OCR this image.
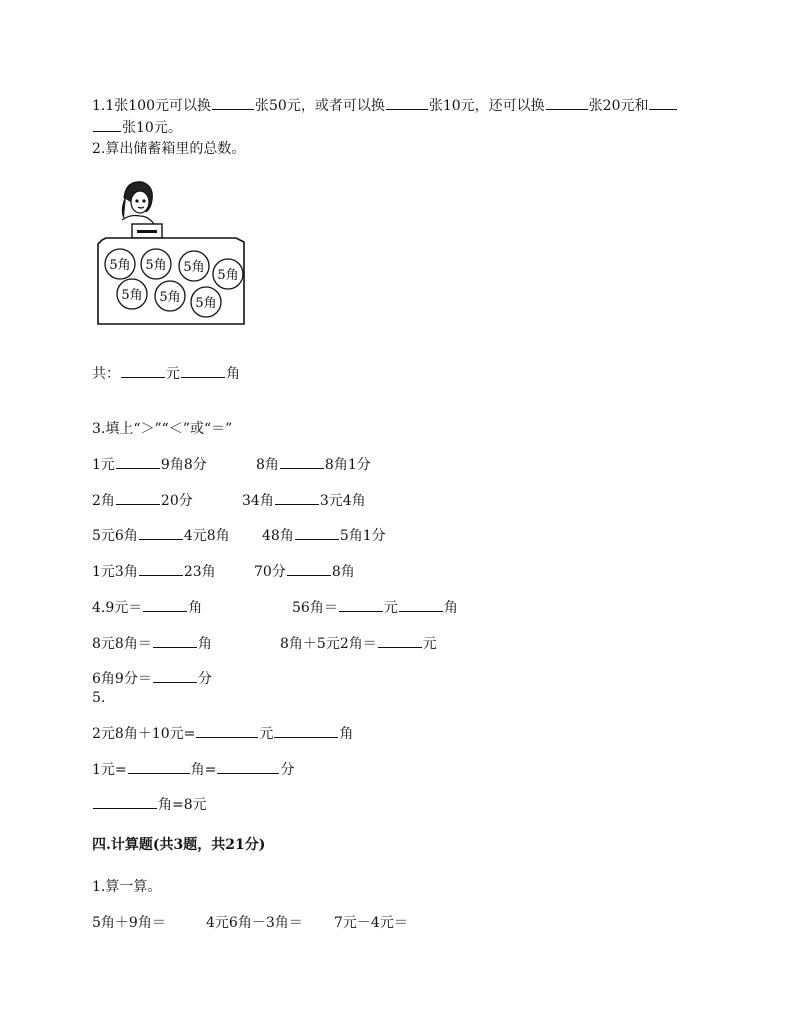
1.1张100元可以换	张50元，或者可以换	张10元，还可以换	张20元和
张10元。
2.算出储蓄箱里的总数。
5角 5角 5角
5角
5角 5角 5角
共：	元	角
3.填上“＞”“＜”或“＝”
1元	9角8分	8角	8角1分
2角	20分	34角	3元4角
5元6角	4元8角 48角	5角1分
1元3角	23角	70分	8角
4.9元＝	角	56角＝	元	角
8元8角＝	角	8角＋5元2角＝	元
6角9分＝	分
5.
2元8角＋10元=	元	角
1元=	角=	分
角=8元
四.计算题(共3题，共21分)
1.算一算。
5角＋9角＝	4元6角－3角＝ 7元－4元＝
